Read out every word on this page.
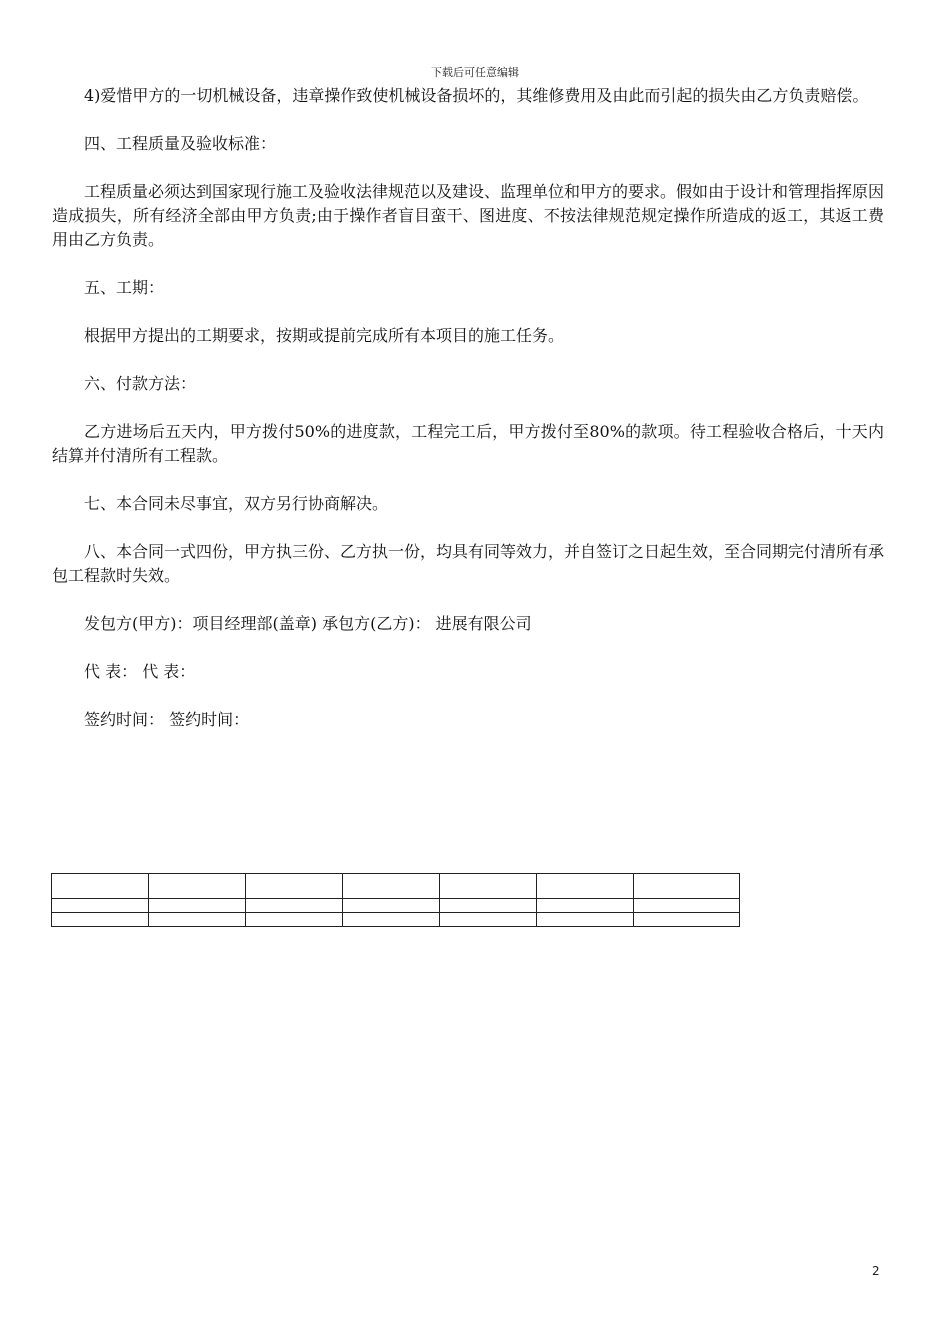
下载后可任意编辑

4)爱惜甲方的一切机械设备，违章操作致使机械设备损坏的，其维修费用及由此而引起的损失由乙方负责赔偿。

四、工程质量及验收标准：

工程质量必须达到国家现行施工及验收法律规范以及建设、监理单位和甲方的要求。假如由于设计和管理指挥原因造成损失，所有经济全部由甲方负责;由于操作者盲目蛮干、图进度、不按法律规范规定操作所造成的返工，其返工费用由乙方负责。

五、工期：

根据甲方提出的工期要求，按期或提前完成所有本项目的施工任务。

六、付款方法：

乙方进场后五天内，甲方拨付50%的进度款，工程完工后，甲方拨付至80%的款项。待工程验收合格后，十天内结算并付清所有工程款。

七、本合同未尽事宜，双方另行协商解决。

八、本合同一式四份，甲方执三份、乙方执一份，均具有同等效力，并自签订之日起生效，至合同期完付清所有承包工程款时失效。

发包方(甲方)：项目经理部(盖章) 承包方(乙方)： 进展有限公司

代 表： 代 表：

签约时间： 签约时间：

2
